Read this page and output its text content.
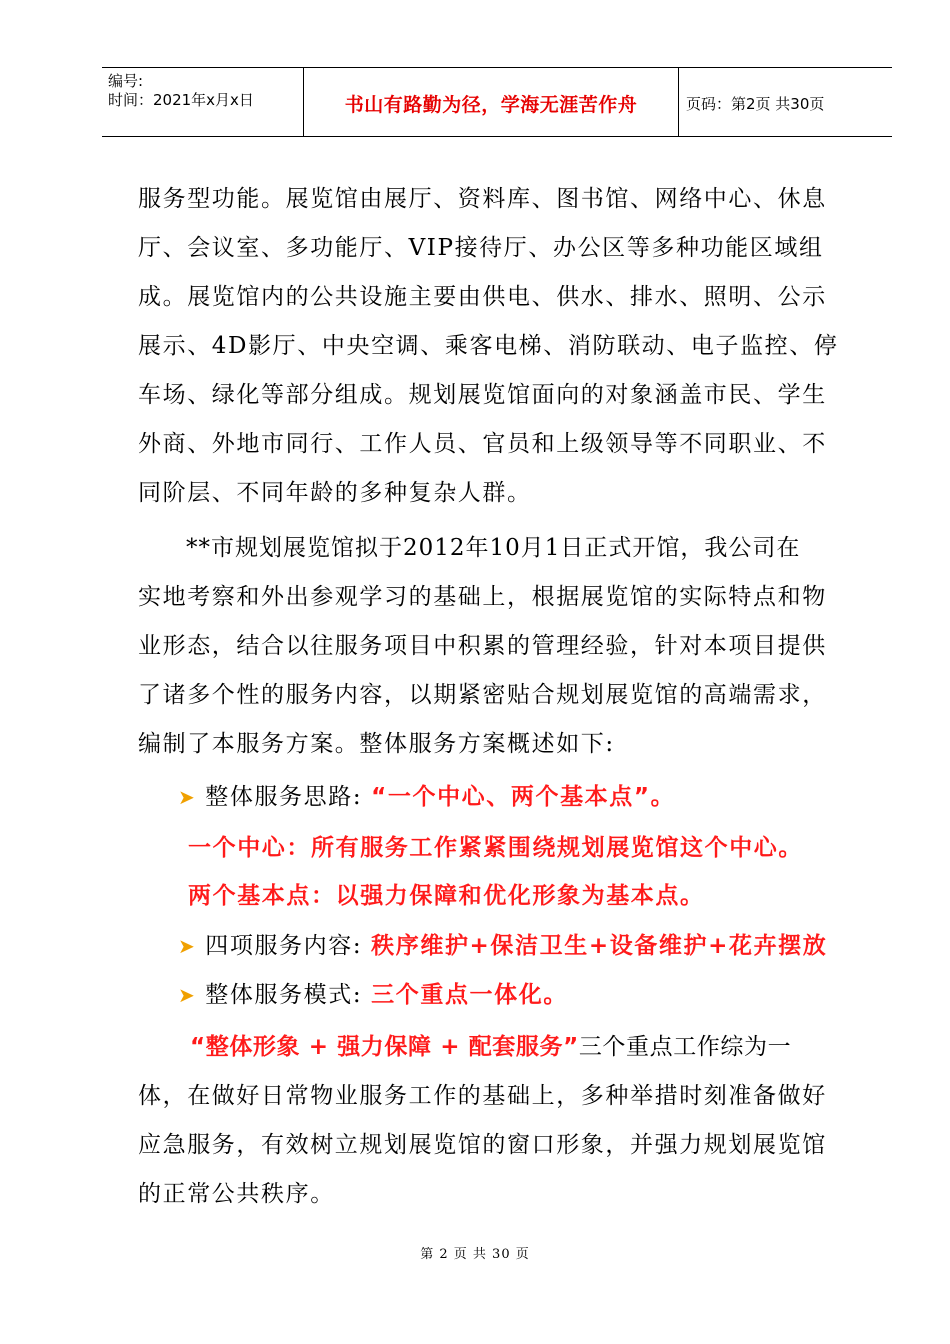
编号:
时间：2021年x月x日	书山有路勤为径，学海无涯苦作舟	页码：第2页 共30页
服务型功能。展览馆由展厅、资料库、图书馆、网络中心、休息
厅、会议室、多功能厅、VIP接待厅、办公区等多种功能区域组
成。展览馆内的公共设施主要由供电、供水、排水、照明、公示
展示、4D影厅、中央空调、乘客电梯、消防联动、电子监控、停
车场、绿化等部分组成。规划展览馆面向的对象涵盖市民、学生
外商、外地市同行、工作人员、官员和上级领导等不同职业、不
同阶层、不同年龄的多种复杂人群。
**市规划展览馆拟于2012年10月1日正式开馆，我公司在
实地考察和外出参观学习的基础上，根据展览馆的实际特点和物
业形态，结合以往服务项目中积累的管理经验，针对本项目提供
了诸多个性的服务内容，以期紧密贴合规划展览馆的高端需求，
编制了本服务方案。整体服务方案概述如下:
➤ 整体服务思路: “一个中心、两个基本点”。
一个中心：所有服务工作紧紧围绕规划展览馆这个中心。
两个基本点：以强力保障和优化形象为基本点。
➤ 四项服务内容: 秩序维护+保洁卫生+设备维护+花卉摆放
➤ 整体服务模式: 三个重点一体化。
“整体形象 + 强力保障 + 配套服务”三个重点工作综为一
体，在做好日常物业服务工作的基础上，多种举措时刻准备做好
应急服务，有效树立规划展览馆的窗口形象，并强力规划展览馆
的正常公共秩序。
第 2 页 共 30 页
